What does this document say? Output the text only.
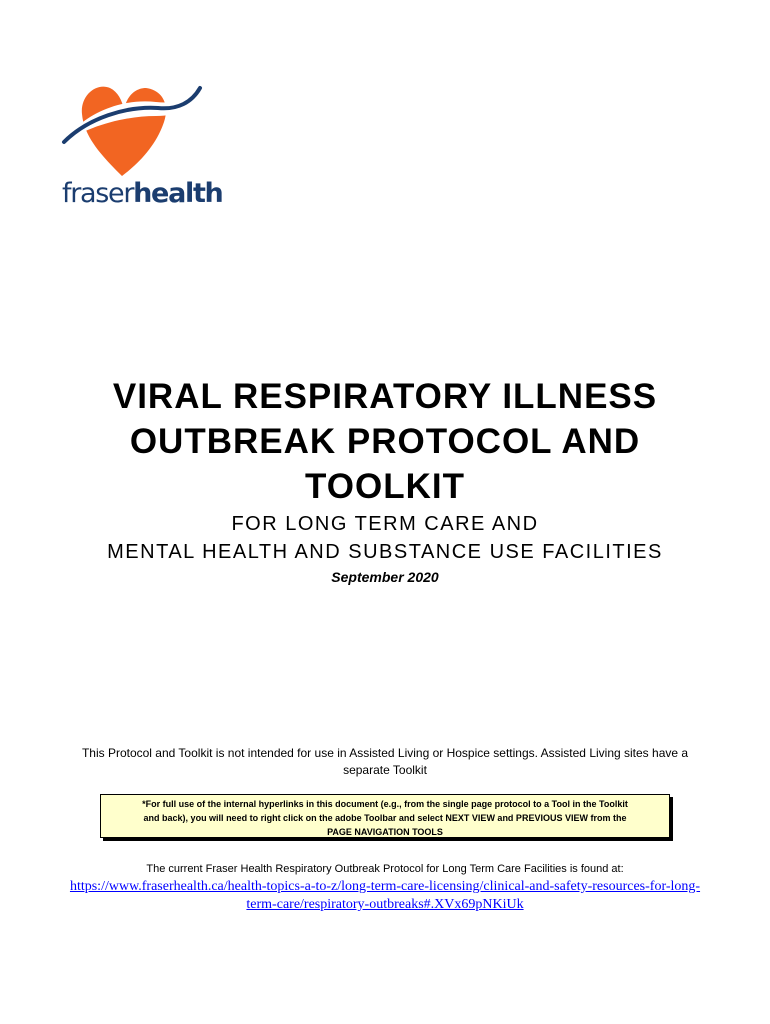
fraserhealth
VIRAL RESPIRATORY ILLNESS
OUTBREAK PROTOCOL AND
TOOLKIT
FOR LONG TERM CARE AND
MENTAL HEALTH AND SUBSTANCE USE FACILITIES
September 2020
This Protocol and Toolkit is not intended for use in Assisted Living or Hospice settings. Assisted Living sites have a
separate Toolkit
*For full use of the internal hyperlinks in this document (e.g., from the single page protocol to a Tool in the Toolkit
and back), you will need to right click on the adobe Toolbar and select NEXT VIEW and PREVIOUS VIEW from the
PAGE NAVIGATION TOOLS
The current Fraser Health Respiratory Outbreak Protocol for Long Term Care Facilities is found at:
https://www.fraserhealth.ca/health-topics-a-to-z/long-term-care-licensing/clinical-and-safety-resources-for-long-
term-care/respiratory-outbreaks#.XVx69pNKiUk
